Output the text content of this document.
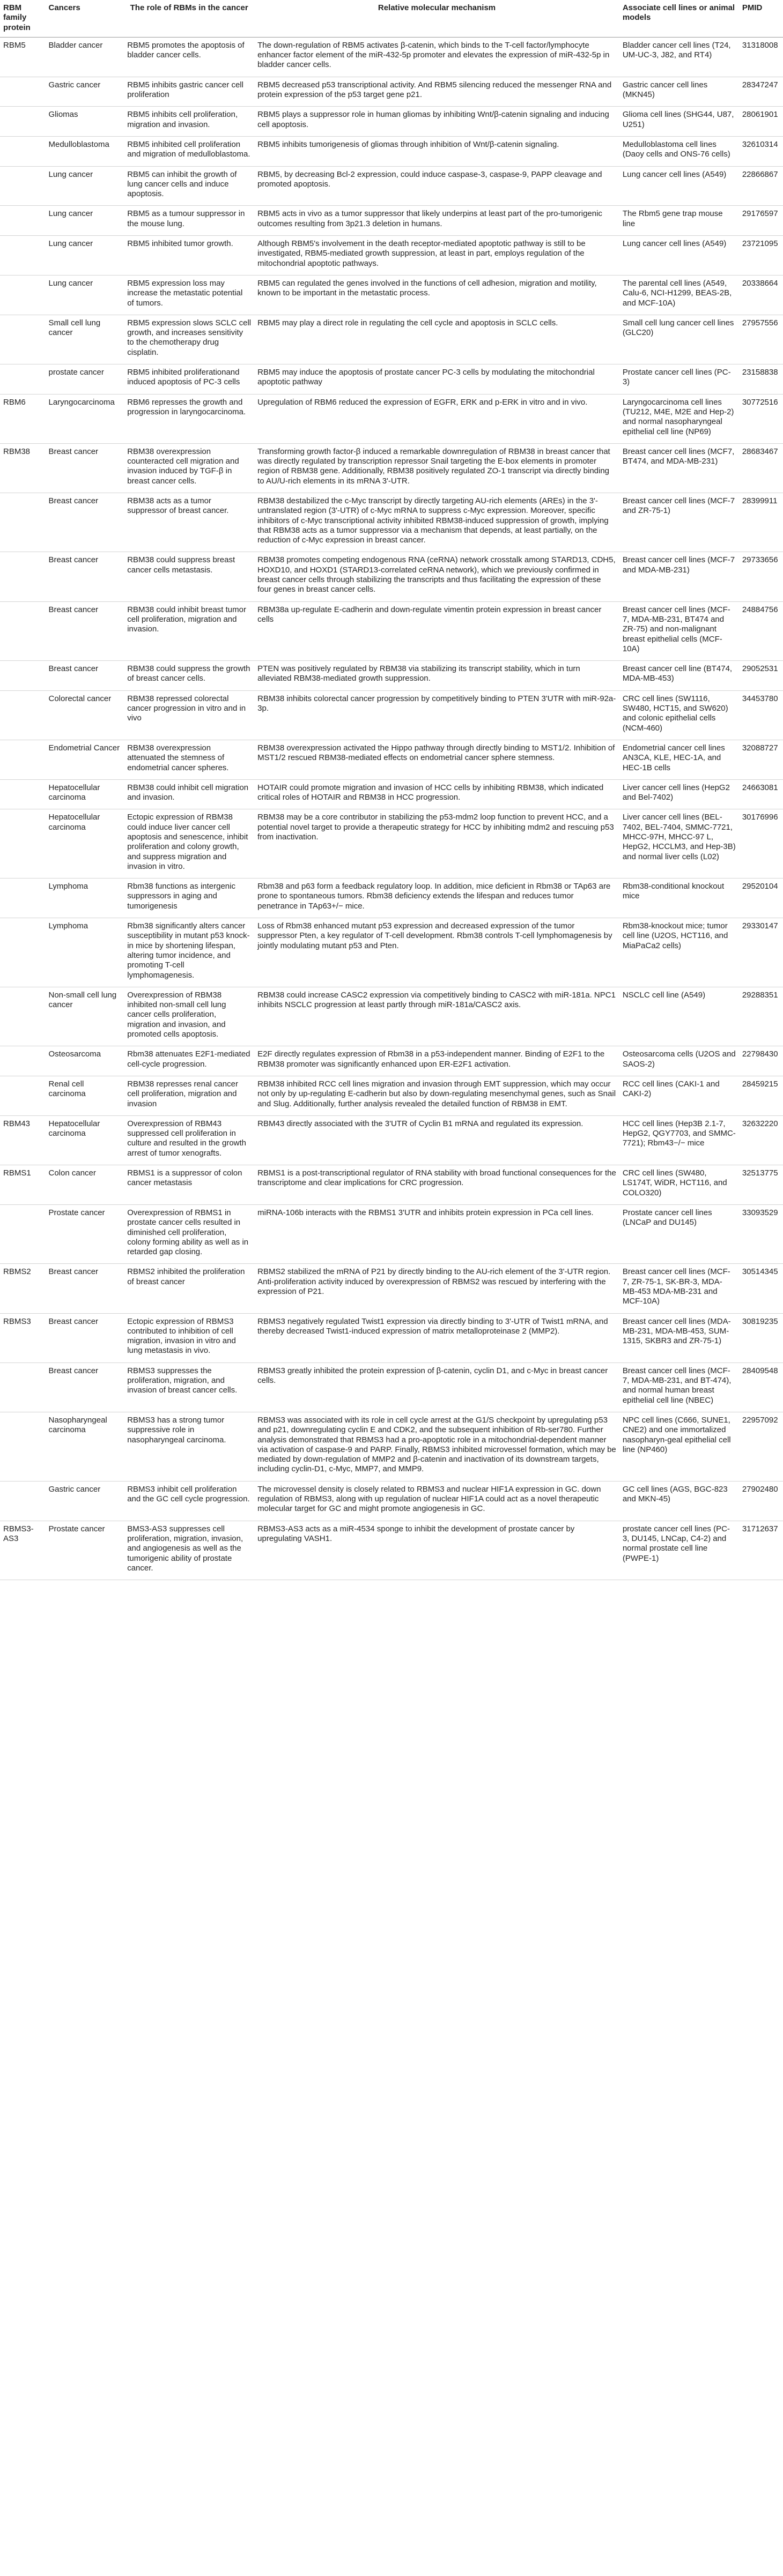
RBM family protein	Cancers	The role of RBMs in the cancer	Relative molecular mechanism	Associate cell lines or animal models	PMID
RBM5	Bladder cancer	RBM5 promotes the apoptosis of bladder cancer cells.	The down-regulation of RBM5 activates β-catenin, which binds to the T-cell factor/lymphocyte enhancer factor element of the miR-432-5p promoter and elevates the expression of miR-432-5p in bladder cancer cells.	Bladder cancer cell lines (T24, UM-UC-3, J82, and RT4)	31318008
	Gastric cancer	RBM5 inhibits gastric cancer cell proliferation	RBM5 decreased p53 transcriptional activity. And RBM5 silencing reduced the messenger RNA and protein expression of the p53 target gene p21.	Gastric cancer cell lines (MKN45)	28347247
	Gliomas	RBM5 inhibits cell proliferation, migration and invasion.	RBM5 plays a suppressor role in human gliomas by inhibiting Wnt/β-catenin signaling and inducing cell apoptosis.	Glioma cell lines (SHG44, U87, U251)	28061901
	Medulloblastoma	RBM5 inhibited cell proliferation and migration of medulloblastoma.	RBM5 inhibits tumorigenesis of gliomas through inhibition of Wnt/β-catenin signaling.	Medulloblastoma cell lines (Daoy cells and ONS-76 cells)	32610314
	Lung cancer	RBM5 can inhibit the growth of lung cancer cells and induce apoptosis.	RBM5, by decreasing Bcl-2 expression, could induce caspase-3, caspase-9, PAPP cleavage and promoted apoptosis.	Lung cancer cell lines (A549)	22866867
	Lung cancer	RBM5 as a tumour suppressor in the mouse lung.	RBM5 acts in vivo as a tumor suppressor that likely underpins at least part of the pro-tumorigenic outcomes resulting from 3p21.3 deletion in humans.	The Rbm5 gene trap mouse line	29176597
	Lung cancer	RBM5 inhibited tumor growth.	Although RBM5's involvement in the death receptor-mediated apoptotic pathway is still to be investigated, RBM5-mediated growth suppression, at least in part, employs regulation of the mitochondrial apoptotic pathways.	Lung cancer cell lines (A549)	23721095
	Lung cancer	RBM5 expression loss may increase the metastatic potential of tumors.	RBM5 can regulated the genes involved in the functions of cell adhesion, migration and motility, known to be important in the metastatic process.	The parental cell lines (A549, Calu-6, NCI-H1299, BEAS-2B, and MCF-10A)	20338664
	Small cell lung cancer	RBM5 expression slows SCLC cell growth, and increases sensitivity to the chemotherapy drug cisplatin.	RBM5 may play a direct role in regulating the cell cycle and apoptosis in SCLC cells.	Small cell lung cancer cell lines (GLC20)	27957556
	prostate cancer	RBM5 inhibited proliferationand induced apoptosis of PC-3 cells	RBM5 may induce the apoptosis of prostate cancer PC-3 cells by modulating the mitochondrial apoptotic pathway	Prostate cancer cell lines (PC-3)	23158838
RBM6	Laryngocarcinoma	RBM6 represses the growth and progression in laryngocarcinoma.	Upregulation of RBM6 reduced the expression of EGFR, ERK and p-ERK in vitro and in vivo.	Laryngocarcinoma cell lines (TU212, M4E, M2E and Hep-2) and normal nasopharyngeal epithelial cell line (NP69)	30772516
RBM38	Breast cancer	RBM38 overexpression counteracted cell migration and invasion induced by TGF-β in breast cancer cells.	Transforming growth factor-β induced a remarkable downregulation of RBM38 in breast cancer that was directly regulated by transcription repressor Snail targeting the E-box elements in promoter region of RBM38 gene. Additionally, RBM38 positively regulated ZO-1 transcript via directly binding to AU/U-rich elements in its mRNA 3'-UTR.	Breast cancer cell lines (MCF7, BT474, and MDA-MB-231)	28683467
	Breast cancer	RBM38 acts as a tumor suppressor of breast cancer.	RBM38 destabilized the c-Myc transcript by directly targeting AU-rich elements (AREs) in the 3'-untranslated region (3'-UTR) of c-Myc mRNA to suppress c-Myc expression. Moreover, specific inhibitors of c-Myc transcriptional activity inhibited RBM38-induced suppression of growth, implying that RBM38 acts as a tumor suppressor via a mechanism that depends, at least partially, on the reduction of c-Myc expression in breast cancer.	Breast cancer cell lines (MCF-7 and ZR-75-1)	28399911
	Breast cancer	RBM38 could suppress breast cancer cells metastasis.	RBM38 promotes competing endogenous RNA (ceRNA) network crosstalk among STARD13, CDH5, HOXD10, and HOXD1 (STARD13-correlated ceRNA network), which we previously confirmed in breast cancer cells through stabilizing the transcripts and thus facilitating the expression of these four genes in breast cancer cells.	Breast cancer cell lines (MCF-7 and MDA-MB-231)	29733656
	Breast cancer	RBM38 could inhibit breast tumor cell proliferation, migration and invasion.	RBM38a up-regulate E-cadherin and down-regulate vimentin protein expression in breast cancer cells	Breast cancer cell lines (MCF-7, MDA-MB-231, BT474 and ZR-75) and non-malignant breast epithelial cells (MCF-10A)	24884756
	Breast cancer	RBM38 could suppress the growth of breast cancer cells.	PTEN was positively regulated by RBM38 via stabilizing its transcript stability, which in turn alleviated RBM38-mediated growth suppression.	Breast cancer cell line (BT474, MDA-MB-453)	29052531
	Colorectal cancer	RBM38 repressed colorectal cancer progression in vitro and in vivo	RBM38 inhibits colorectal cancer progression by competitively binding to PTEN 3'UTR with miR-92a-3p.	CRC cell lines (SW1116, SW480, HCT15, and SW620) and colonic epithelial cells (NCM-460)	34453780
	Endometrial Cancer	RBM38 overexpression attenuated the stemness of endometrial cancer spheres.	RBM38 overexpression activated the Hippo pathway through directly binding to MST1/2. Inhibition of MST1/2 rescued RBM38-mediated effects on endometrial cancer sphere stemness.	Endometrial cancer cell lines AN3CA, KLE, HEC-1A, and HEC-1B cells	32088727
	Hepatocellular carcinoma	RBM38 could inhibit cell migration and invasion.	HOTAIR could promote migration and invasion of HCC cells by inhibiting RBM38, which indicated critical roles of HOTAIR and RBM38 in HCC progression.	Liver cancer cell lines (HepG2 and Bel-7402)	24663081
	Hepatocellular carcinoma	Ectopic expression of RBM38 could induce liver cancer cell apoptosis and senescence, inhibit proliferation and colony growth, and suppress migration and invasion in vitro.	RBM38 may be a core contributor in stabilizing the p53-mdm2 loop function to prevent HCC, and a potential novel target to provide a therapeutic strategy for HCC by inhibiting mdm2 and rescuing p53 from inactivation.	Liver cancer cell lines (BEL-7402, BEL-7404, SMMC-7721, MHCC-97H, MHCC-97 L, HepG2, HCCLM3, and Hep-3B) and normal liver cells (L02)	30176996
	Lymphoma	Rbm38 functions as intergenic suppressors in aging and tumorigenesis	Rbm38 and p63 form a feedback regulatory loop. In addition, mice deficient in Rbm38 or TAp63 are prone to spontaneous tumors. Rbm38 deficiency extends the lifespan and reduces tumor penetrance in TAp63+/− mice.	Rbm38-conditional knockout mice	29520104
	Lymphoma	Rbm38 significantly alters cancer susceptibility in mutant p53 knock-in mice by shortening lifespan, altering tumor incidence, and promoting T-cell lymphomagenesis.	Loss of Rbm38 enhanced mutant p53 expression and decreased expression of the tumor suppressor Pten, a key regulator of T-cell development. Rbm38 controls T-cell lymphomagenesis by jointly modulating mutant p53 and Pten.	Rbm38-knockout mice; tumor cell line (U2OS, HCT116, and MiaPaCa2 cells)	29330147
	Non-small cell lung cancer	Overexpression of RBM38 inhibited non-small cell lung cancer cells proliferation, migration and invasion, and promoted cells apoptosis.	RBM38 could increase CASC2 expression via competitively binding to CASC2 with miR-181a. NPC1 inhibits NSCLC progression at least partly through miR-181a/CASC2 axis.	NSCLC cell line (A549)	29288351
	Osteosarcoma	Rbm38 attenuates E2F1-mediated cell-cycle progression.	E2F directly regulates expression of Rbm38 in a p53-independent manner. Binding of E2F1 to the RBM38 promoter was significantly enhanced upon ER-E2F1 activation.	Osteosarcoma cells (U2OS and SAOS-2)	22798430
	Renal cell carcinoma	RBM38 represses renal cancer cell proliferation, migration and invasion	RBM38 inhibited RCC cell lines migration and invasion through EMT suppression, which may occur not only by up-regulating E-cadherin but also by down-regulating mesenchymal genes, such as Snail and Slug. Additionally, further analysis revealed the detailed function of RBM38 in EMT.	RCC cell lines (CAKI-1 and CAKI-2)	28459215
RBM43	Hepatocellular carcinoma	Overexpression of RBM43 suppressed cell proliferation in culture and resulted in the growth arrest of tumor xenografts.	RBM43 directly associated with the 3'UTR of Cyclin B1 mRNA and regulated its expression.	HCC cell lines (Hep3B 2.1-7, HepG2, QGY7703, and SMMC-7721); Rbm43−/− mice	32632220
RBMS1	Colon cancer	RBMS1 is a suppressor of colon cancer metastasis	RBMS1 is a post-transcriptional regulator of RNA stability with broad functional consequences for the transcriptome and clear implications for CRC progression.	CRC cell lines (SW480, LS174T, WiDR, HCT116, and COLO320)	32513775
	Prostate cancer	Overexpression of RBMS1 in prostate cancer cells resulted in diminished cell proliferation, colony forming ability as well as in retarded gap closing.	miRNA-106b interacts with the RBMS1 3'UTR and inhibits protein expression in PCa cell lines.	Prostate cancer cell lines (LNCaP and DU145)	33093529
RBMS2	Breast cancer	RBMS2 inhibited the proliferation of breast cancer	RBMS2 stabilized the mRNA of P21 by directly binding to the AU-rich element of the 3'-UTR region. Anti-proliferation activity induced by overexpression of RBMS2 was rescued by interfering with the expression of P21.	Breast cancer cell lines (MCF-7, ZR-75-1, SK-BR-3, MDA-MB-453 MDA-MB-231 and MCF-10A)	30514345
RBMS3	Breast cancer	Ectopic expression of RBMS3 contributed to inhibition of cell migration, invasion in vitro and lung metastasis in vivo.	RBMS3 negatively regulated Twist1 expression via directly binding to 3'-UTR of Twist1 mRNA, and thereby decreased Twist1-induced expression of matrix metalloproteinase 2 (MMP2).	Breast cancer cell lines (MDA-MB-231, MDA-MB-453, SUM-1315, SKBR3 and ZR-75-1)	30819235
	Breast cancer	RBMS3 suppresses the proliferation, migration, and invasion of breast cancer cells.	RBMS3 greatly inhibited the protein expression of β-catenin, cyclin D1, and c-Myc in breast cancer cells.	Breast cancer cell lines (MCF-7, MDA-MB-231, and BT-474), and normal human breast epithelial cell line (NBEC)	28409548
	Nasopharyngeal carcinoma	RBMS3 has a strong tumor suppressive role in nasopharyngeal carcinoma.	RBMS3 was associated with its role in cell cycle arrest at the G1/S checkpoint by upregulating p53 and p21, downregulating cyclin E and CDK2, and the subsequent inhibition of Rb-ser780. Further analysis demonstrated that RBMS3 had a pro-apoptotic role in a mitochondrial-dependent manner via activation of caspase-9 and PARP. Finally, RBMS3 inhibited microvessel formation, which may be mediated by down-regulation of MMP2 and β-catenin and inactivation of its downstream targets, including cyclin-D1, c-Myc, MMP7, and MMP9.	NPC cell lines (C666, SUNE1, CNE2) and one immortalized nasopharyn-geal epithelial cell line (NP460)	22957092
	Gastric cancer	RBMS3 inhibit cell proliferation and the GC cell cycle progression.	The microvessel density is closely related to RBMS3 and nuclear HIF1A expression in GC. down regulation of RBMS3, along with up regulation of nuclear HIF1A could act as a novel therapeutic molecular target for GC and might promote angiogenesis in GC.	GC cell lines (AGS, BGC-823 and MKN-45)	27902480
RBMS3-AS3	Prostate cancer	BMS3-AS3 suppresses cell proliferation, migration, invasion, and angiogenesis as well as the tumorigenic ability of prostate cancer.	RBMS3-AS3 acts as a miR-4534 sponge to inhibit the development of prostate cancer by upregulating VASH1.	prostate cancer cell lines (PC-3, DU145, LNCap, C4-2) and normal prostate cell line (PWPE-1)	31712637
